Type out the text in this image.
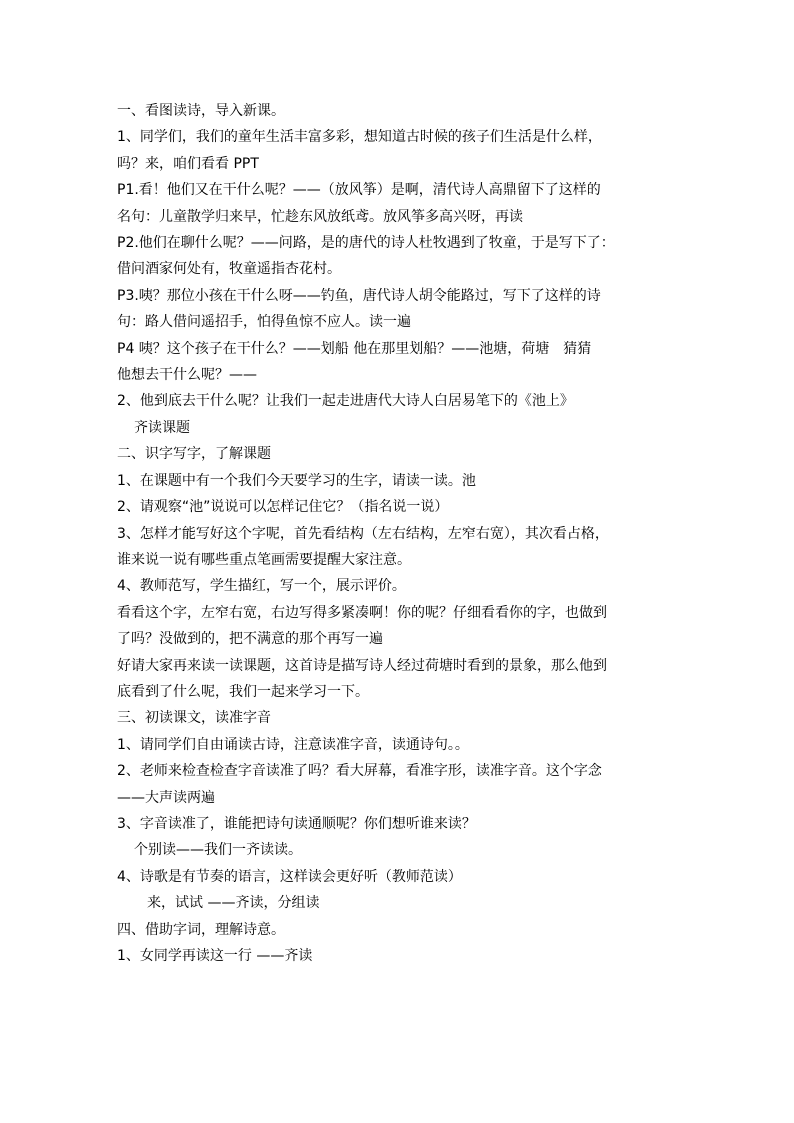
一、看图读诗，导入新课。

1、同学们，我们的童年生活丰富多彩，想知道古时候的孩子们生活是什么样，

吗？来，咱们看看 PPT

P1.看！他们又在干什么呢？——（放风筝）是啊，清代诗人高鼎留下了这样的

名句：儿童散学归来早，忙趁东风放纸鸢。放风筝多高兴呀，再读

P2.他们在聊什么呢？——问路，是的唐代的诗人杜牧遇到了牧童，于是写下了：

借问酒家何处有，牧童遥指杏花村。

P3.咦？那位小孩在干什么呀——钓鱼，唐代诗人胡令能路过，写下了这样的诗

句：路人借问遥招手，怕得鱼惊不应人。读一遍

P4 咦？这个孩子在干什么？——划船 他在那里划船？——池塘，荷塘　猜猜

他想去干什么呢？——

2、他到底去干什么呢？让我们一起走进唐代大诗人白居易笔下的《池上》

齐读课题

二、识字写字，了解课题

1、在课题中有一个我们今天要学习的生字，请读一读。池

2、请观察“池”说说可以怎样记住它？（指名说一说）

3、怎样才能写好这个字呢，首先看结构（左右结构，左窄右宽），其次看占格，

谁来说一说有哪些重点笔画需要提醒大家注意。

4、教师范写，学生描红，写一个，展示评价。

看看这个字，左窄右宽，右边写得多紧凑啊！你的呢？仔细看看你的字，也做到

了吗？没做到的，把不满意的那个再写一遍

好请大家再来读一读课题，这首诗是描写诗人经过荷塘时看到的景象，那么他到

底看到了什么呢，我们一起来学习一下。

三、初读课文，读准字音

1、请同学们自由诵读古诗，注意读准字音，读通诗句。。

2、老师来检查检查字音读准了吗？看大屏幕，看准字形，读准字音。这个字念

——大声读两遍

3、字音读准了，谁能把诗句读通顺呢？你们想听谁来读？

个别读——我们一齐读读。

4、诗歌是有节奏的语言，这样读会更好听（教师范读）

来，试试 ——齐读，分组读

四、借助字词，理解诗意。

1、女同学再读这一行 ——齐读
